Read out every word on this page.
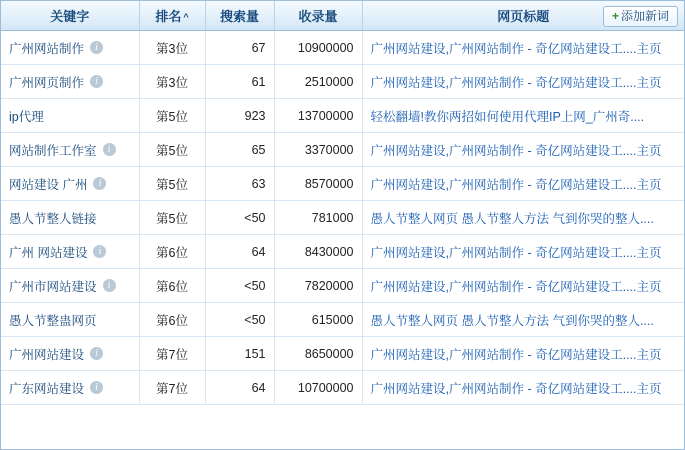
关键字	排名 ^	搜索量	收录量	网页标题 + 添加新词

广州网站制作 i	第3位	67	10900000	广州网站建设,广州网站制作 - 奇亿网站建设工....主页

广州网页制作 i	第3位	61	2510000	广州网站建设,广州网站制作 - 奇亿网站建设工....主页

ip代理	第5位	923	13700000	轻松翻墙!教你两招如何使用代理IP上网_广州奇....

网站制作工作室 i	第5位	65	3370000	广州网站建设,广州网站制作 - 奇亿网站建设工....主页

网站建设 广州 i	第5位	63	8570000	广州网站建设,广州网站制作 - 奇亿网站建设工....主页

愚人节整人链接	第5位	<50	781000	愚人节整人网页 愚人节整人方法 气到你哭的整人....

广州 网站建设 i	第6位	64	8430000	广州网站建设,广州网站制作 - 奇亿网站建设工....主页

广州市网站建设 i	第6位	<50	7820000	广州网站建设,广州网站制作 - 奇亿网站建设工....主页

愚人节整蛊网页	第6位	<50	615000	愚人节整人网页 愚人节整人方法 气到你哭的整人....

广州网站建设 i	第7位	151	8650000	广州网站建设,广州网站制作 - 奇亿网站建设工....主页

广东网站建设 i	第7位	64	10700000	广州网站建设,广州网站制作 - 奇亿网站建设工....主页
